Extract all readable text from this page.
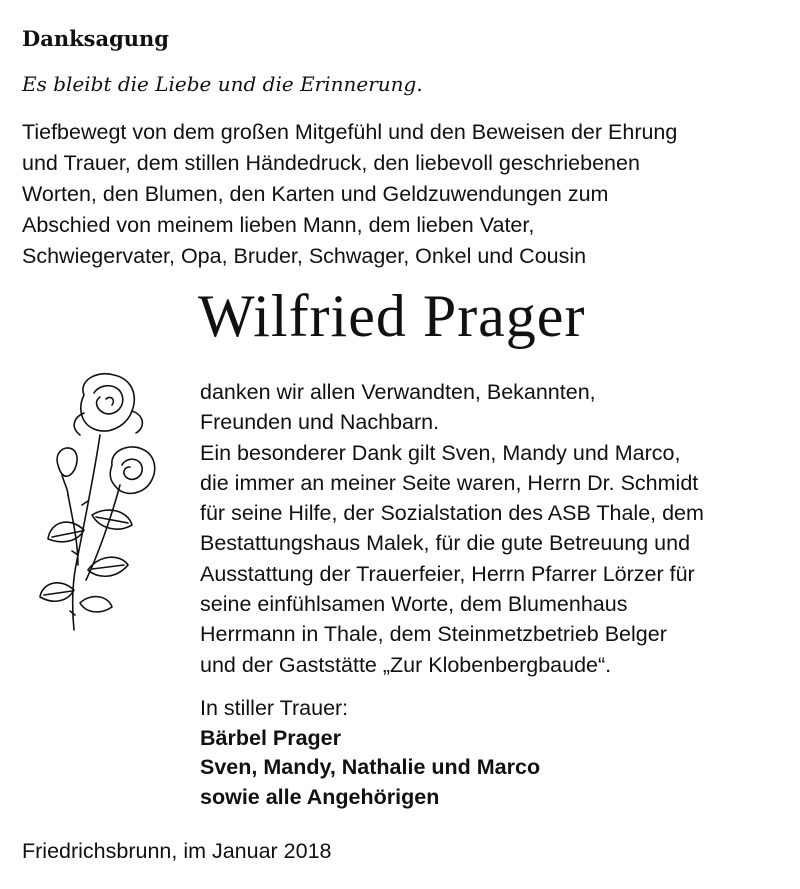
Danksagung
Es bleibt die Liebe und die Erinnerung.
Tiefbewegt von dem großen Mitgefühl und den Beweisen der Ehrung
und Trauer, dem stillen Händedruck, den liebevoll geschriebenen
Worten, den Blumen, den Karten und Geldzuwendungen zum
Abschied von meinem lieben Mann, dem lieben Vater,
Schwiegervater, Opa, Bruder, Schwager, Onkel und Cousin
Wilfried Prager
danken wir allen Verwandten, Bekannten,
Freunden und Nachbarn.
Ein besonderer Dank gilt Sven, Mandy und Marco,
die immer an meiner Seite waren, Herrn Dr. Schmidt
für seine Hilfe, der Sozialstation des ASB Thale, dem
Bestattungshaus Malek, für die gute Betreuung und
Ausstattung der Trauerfeier, Herrn Pfarrer Lörzer für
seine einfühlsamen Worte, dem Blumenhaus
Herrmann in Thale, dem Steinmetzbetrieb Belger
und der Gaststätte „Zur Klobenbergbaude“.
In stiller Trauer:
Bärbel Prager
Sven, Mandy, Nathalie und Marco
sowie alle Angehörigen
Friedrichsbrunn, im Januar 2018
